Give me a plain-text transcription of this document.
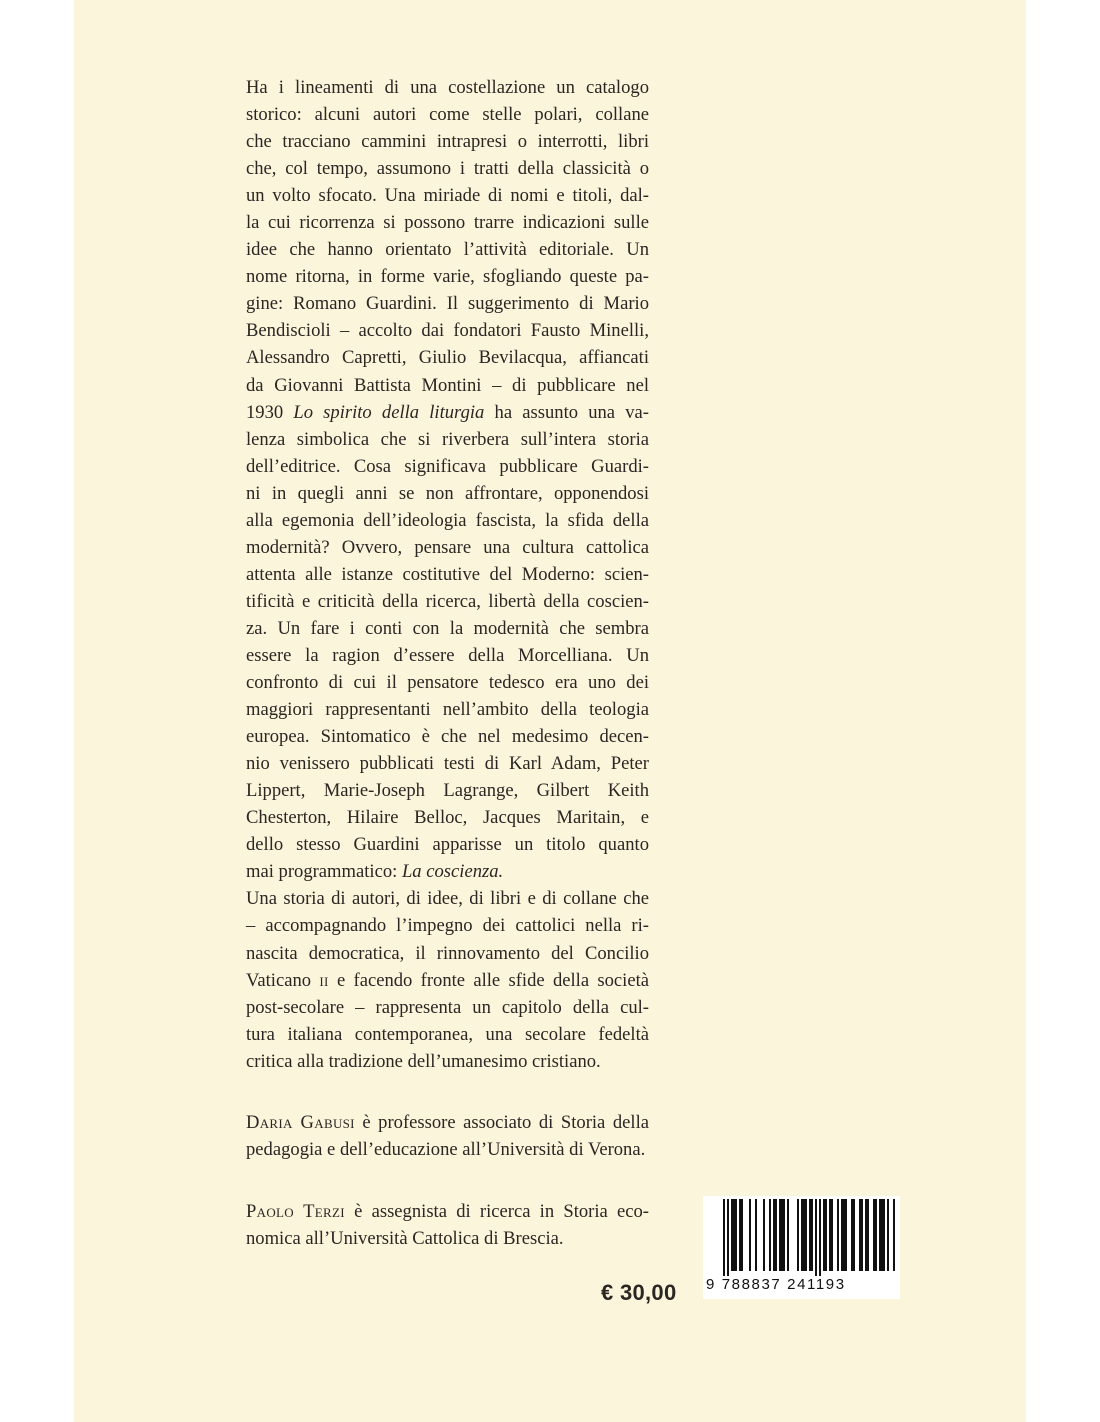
Ha i lineamenti di una costellazione un catalogo
storico: alcuni autori come stelle polari, collane
che tracciano cammini intrapresi o interrotti, libri
che, col tempo, assumono i tratti della classicità o
un volto sfocato. Una miriade di nomi e titoli, dal-
la cui ricorrenza si possono trarre indicazioni sulle
idee che hanno orientato l’attività editoriale. Un
nome ritorna, in forme varie, sfogliando queste pa-
gine: Romano Guardini. Il suggerimento di Mario
Bendiscioli – accolto dai fondatori Fausto Minelli,
Alessandro Capretti, Giulio Bevilacqua, affiancati
da Giovanni Battista Montini – di pubblicare nel
1930 Lo spirito della liturgia ha assunto una va-
lenza simbolica che si riverbera sull’intera storia
dell’editrice. Cosa significava pubblicare Guardi-
ni in quegli anni se non affrontare, opponendosi
alla egemonia dell’ideologia fascista, la sfida della
modernità? Ovvero, pensare una cultura cattolica
attenta alle istanze costitutive del Moderno: scien-
tificità e criticità della ricerca, libertà della coscien-
za. Un fare i conti con la modernità che sembra
essere la ragion d’essere della Morcelliana. Un
confronto di cui il pensatore tedesco era uno dei
maggiori rappresentanti nell’ambito della teologia
europea. Sintomatico è che nel medesimo decen-
nio venissero pubblicati testi di Karl Adam, Peter
Lippert, Marie-Joseph Lagrange, Gilbert Keith
Chesterton, Hilaire Belloc, Jacques Maritain, e
dello stesso Guardini apparisse un titolo quanto
mai programmatico: La coscienza.
Una storia di autori, di idee, di libri e di collane che
– accompagnando l’impegno dei cattolici nella ri-
nascita democratica, il rinnovamento del Concilio
Vaticano ii e facendo fronte alle sfide della società
post-secolare – rappresenta un capitolo della cul-
tura italiana contemporanea, una secolare fedeltà
critica alla tradizione dell’umanesimo cristiano.
Daria Gabusi è professore associato di Storia della
pedagogia e dell’educazione all’Università di Verona.
Paolo Terzi è assegnista di ricerca in Storia eco-
nomica all’Università Cattolica di Brescia.
€ 30,00 9 788837 241193
